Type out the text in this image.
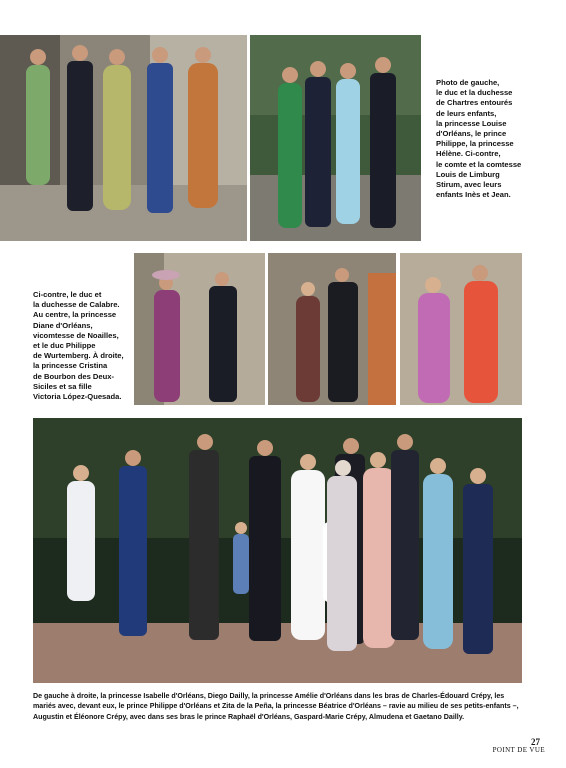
Photo de gauche,
le duc et la duchesse
de Chartres entourés
de leurs enfants,
la princesse Louise
d'Orléans, le prince
Philippe, la princesse
Hélène. Ci-contre,
le comte et la comtesse
Louis de Limburg
Stirum, avec leurs
enfants Inès et Jean.
Ci-contre, le duc et
la duchesse de Calabre.
Au centre, la princesse
Diane d'Orléans,
vicomtesse de Noailles,
et le duc Philippe
de Wurtemberg. À droite,
la princesse Cristina
de Bourbon des Deux-
Siciles et sa fille
Victoria López-Quesada.
De gauche à droite, la princesse Isabelle d'Orléans, Diego Dailly, la princesse Amélie d'Orléans dans les bras de Charles-Édouard Crépy, les mariés avec, devant eux, le prince Philippe d'Orléans et Zita de la Peña, la princesse Béatrice d'Orléans – ravie au milieu de ses petits-enfants –, Augustin et Éléonore Crépy, avec dans ses bras le prince Raphaël d'Orléans, Gaspard-Marie Crépy, Almudena et Gaetano Dailly.
27
POINT DE VUE
